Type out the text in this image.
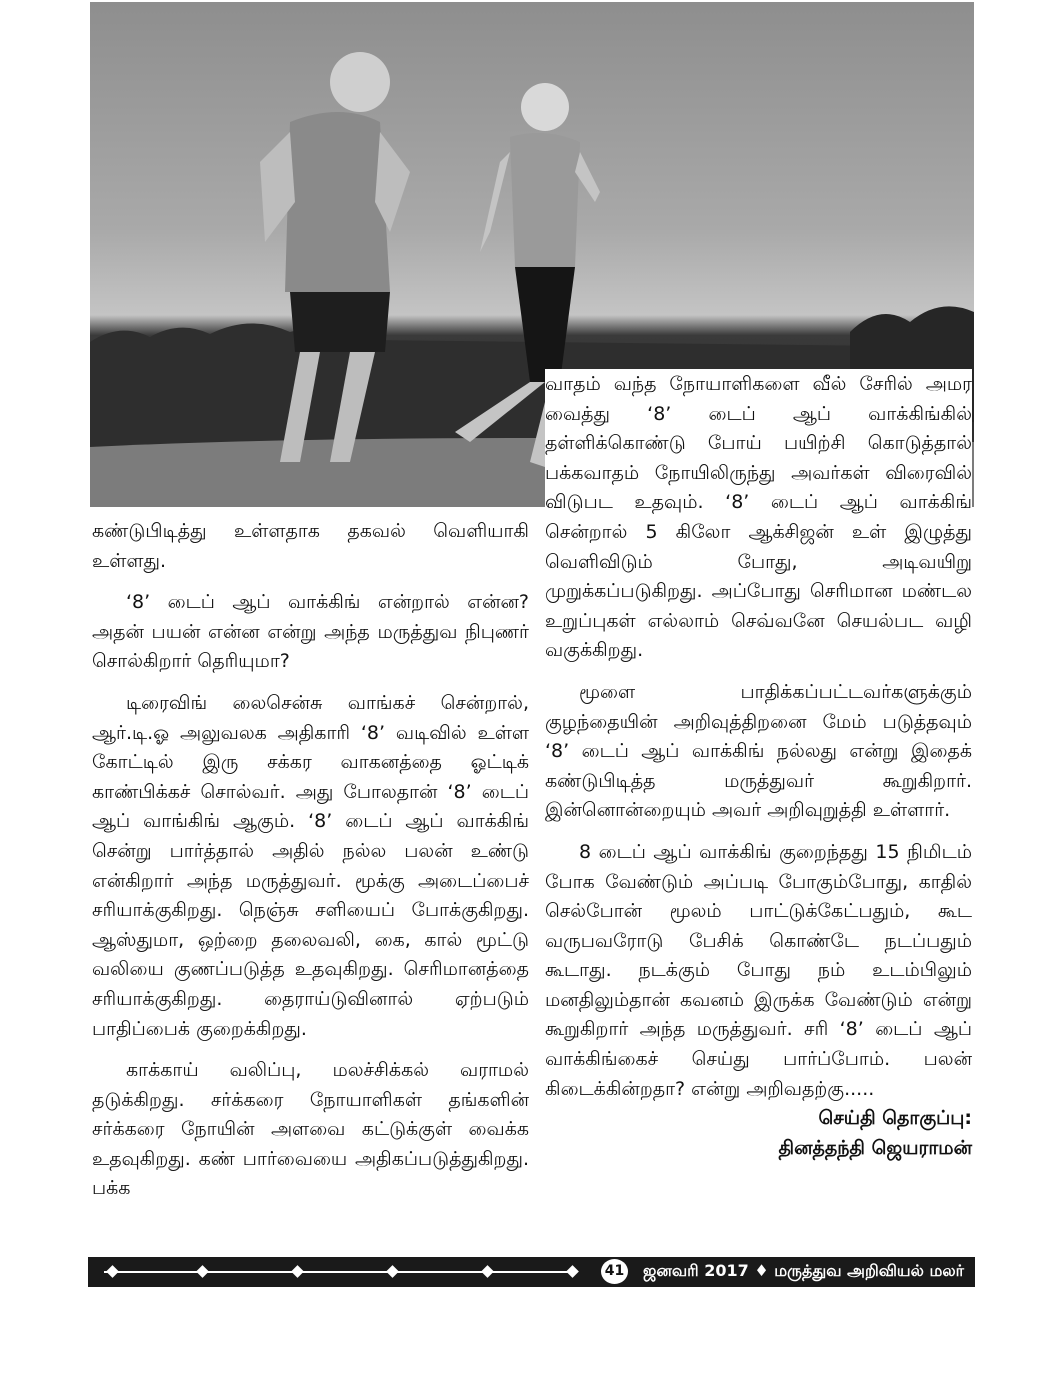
கண்டுபிடித்து உள்ளதாக தகவல் வெளியாகி உள்ளது.

‘8’ டைப் ஆப் வாக்கிங் என்றால் என்ன? அதன் பயன் என்ன என்று அந்த மருத்துவ நிபுணர் சொல்கிறார் தெரியுமா?

டிரைவிங் லைசென்சு வாங்கச் சென்றால், ஆர்.டி.ஓ அலுவலக அதிகாரி ‘8’ வடிவில் உள்ள கோட்டில் இரு சக்கர வாகனத்தை ஓட்டிக் காண்பிக்கச் சொல்வர். அது போலதான் ‘8’ டைப் ஆப் வாங்கிங் ஆகும். ‘8’ டைப் ஆப் வாக்கிங் சென்று பார்த்தால் அதில் நல்ல பலன் உண்டு என்கிறார் அந்த மருத்துவர். மூக்கு அடைப்பைச் சரியாக்குகிறது. நெஞ்சு சளியைப் போக்குகிறது. ஆஸ்துமா, ஒற்றை தலைவலி, கை, கால் மூட்டு வலியை குணப்படுத்த உதவுகிறது. செரிமானத்தை சரியாக்குகிறது. தைராய்டுவினால் ஏற்படும் பாதிப்பைக் குறைக்கிறது.

காக்காய் வலிப்பு, மலச்சிக்கல் வராமல் தடுக்கிறது. சர்க்கரை நோயாளிகள் தங்களின் சர்க்கரை நோயின் அளவை கட்டுக்குள் வைக்க உதவுகிறது. கண் பார்வையை அதிகப்படுத்துகிறது. பக்க

வாதம் வந்த நோயாளிகளை வீல் சேரில் அமர வைத்து ‘8’ டைப் ஆப் வாக்கிங்கில் தள்ளிக்கொண்டு போய் பயிற்சி கொடுத்தால் பக்கவாதம் நோயிலிருந்து அவர்கள் விரைவில் விடுபட உதவும். ‘8’ டைப் ஆப் வாக்கிங் சென்றால் 5 கிலோ ஆக்சிஜன் உள் இழுத்து வெளிவிடும் போது, அடிவயிறு முறுக்கப்படுகிறது. அப்போது செரிமான மண்டல உறுப்புகள் எல்லாம் செவ்வனே செயல்பட வழி வகுக்கிறது.

மூளை பாதிக்கப்பட்டவர்களுக்கும் குழந்தையின் அறிவுத்திறனை மேம் படுத்தவும் ‘8’ டைப் ஆப் வாக்கிங் நல்லது என்று இதைக் கண்டுபிடித்த மருத்துவர் கூறுகிறார். இன்னொன்றையும் அவர் அறிவுறுத்தி உள்ளார்.

8 டைப் ஆப் வாக்கிங் குறைந்தது 15 நிமிடம் போக வேண்டும் அப்படி போகும்போது, காதில் செல்போன் மூலம் பாட்டுக்கேட்பதும், கூட வருபவரோடு பேசிக் கொண்டே நடப்பதும் கூடாது. நடக்கும் போது நம் உடம்பிலும் மனதிலும்தான் கவனம் இருக்க வேண்டும் என்று கூறுகிறார் அந்த மருத்துவர். சரி ‘8’ டைப் ஆப் வாக்கிங்கைச் செய்து பார்ப்போம். பலன் கிடைக்கின்றதா? என்று அறிவதற்கு.....

செய்தி தொகுப்பு:

தினத்தந்தி ஜெயராமன்

41 ஜனவரி 2017 ♦ மருத்துவ அறிவியல் மலர்
